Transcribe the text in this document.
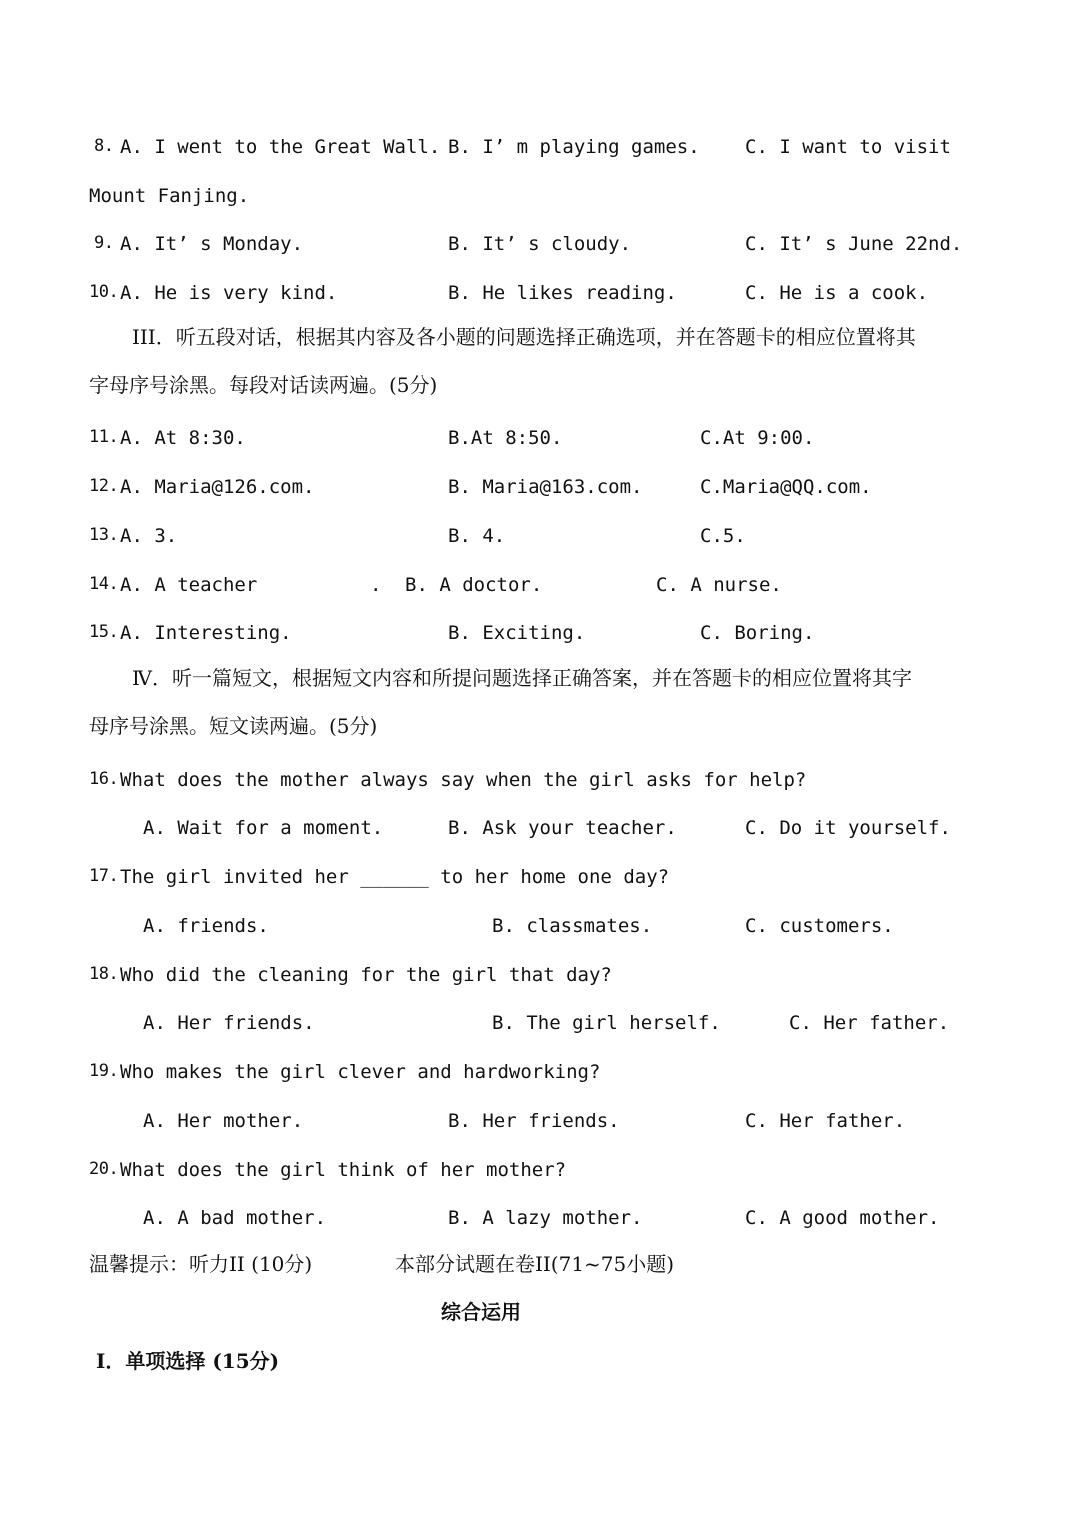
8. A. I went to the Great Wall. B. I’ m playing games. C. I want to visit
Mount Fanjing.
9. A. It’ s Monday.	B. It’ s cloudy.	C. It’ s June 22nd.
10. A. He is very kind.	B. He likes reading.	C. He is a cook.
III．听五段对话，根据其内容及各小题的问题选择正确选项，并在答题卡的相应位置将其
字母序号涂黑。每段对话读两遍。(5分)
11. A. At 8:30.	B.At 8:50.	C.At 9:00.
12. A. Maria@126.com.	B. Maria@163.com.	C.Maria@QQ.com.
13. A. 3.	B. 4.	C.5.
14. A. A teacher	. B. A doctor.	C. A nurse.
15. A. Interesting.	B. Exciting.	C. Boring.
Ⅳ．听一篇短文，根据短文内容和所提问题选择正确答案，并在答题卡的相应位置将其字
母序号涂黑。短文读两遍。(5分)
16. What does the mother always say when the girl asks for help?
A. Wait for a moment.	B. Ask your teacher.	C. Do it yourself.
17. The girl invited her ______ to her home one day?
A. friends.	B. classmates.	C. customers.
18. Who did the cleaning for the girl that day?
A. Her friends.	B. The girl herself.	C. Her father.
19. Who makes the girl clever and hardworking?
A. Her mother.	B. Her friends.	C. Her father.
20. What does the girl think of her mother?
A. A bad mother.	B. A lazy mother.	C. A good mother.
温馨提示：听力II (10分)	本部分试题在卷II(71~75小题)
综合运用
I．单项选择 (15分)
